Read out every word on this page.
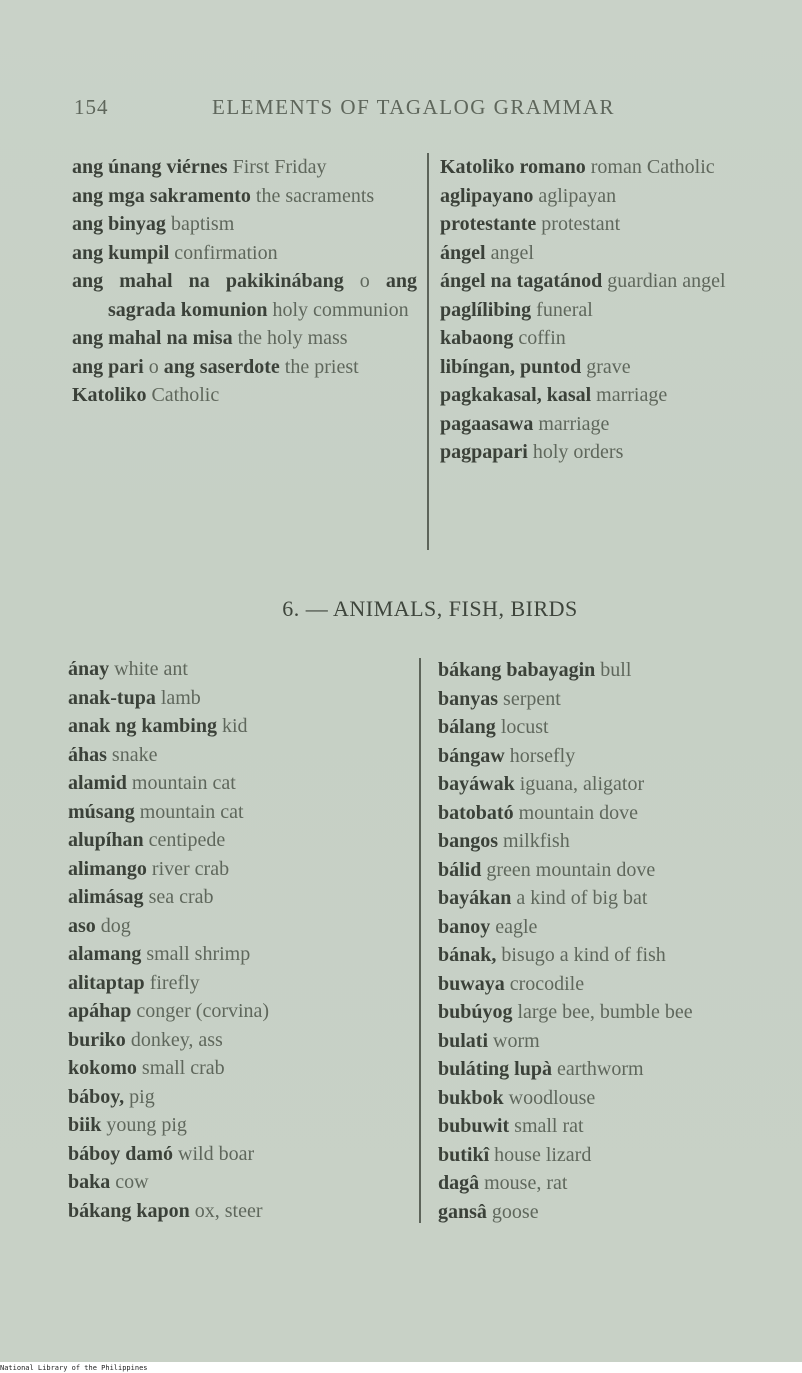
154	ELEMENTS OF TAGALOG GRAMMAR

ang únang viérnes First Friday

ang mga sakramento the sacraments

ang binyag baptism

ang kumpil confirmation

ang mahal na pakikinábang o ang sagrada komunion holy communion

ang mahal na misa the holy mass

ang pari o ang saserdote the priest

Katoliko Catholic

Katoliko romano roman Catholic

aglipayano aglipayan

protestante protestant

ángel angel

ángel na tagatánod guardian angel

paglílibing funeral

kabaong coffin

libíngan, puntod grave

pagkakasal, kasal marriage

pagaasawa marriage

pagpapari holy orders

6. — ANIMALS, FISH, BIRDS

ánay white ant

anak-tupa lamb

anak ng kambing kid

áhas snake

alamid mountain cat

músang mountain cat

alupíhan centipede

alimango river crab

alimásag sea crab

aso dog

alamang small shrimp

alitaptap firefly

apáhap conger (corvina)

buriko donkey, ass

kokomo small crab

báboy, pig

biik young pig

báboy damó wild boar

baka cow

bákang kapon ox, steer

bákang babayagin bull

banyas serpent

bálang locust

bángaw horsefly

bayáwak iguana, aligator

batobató mountain dove

bangos milkfish

bálid green mountain dove

bayákan a kind of big bat

banoy eagle

bának, bisugo a kind of fish

buwaya crocodile

bubúyog large bee, bumble bee

bulati worm

buláting lupà earthworm

bukbok woodlouse

bubuwit small rat

butikî house lizard

dagâ mouse, rat

gansâ goose

National Library of the Philippines
